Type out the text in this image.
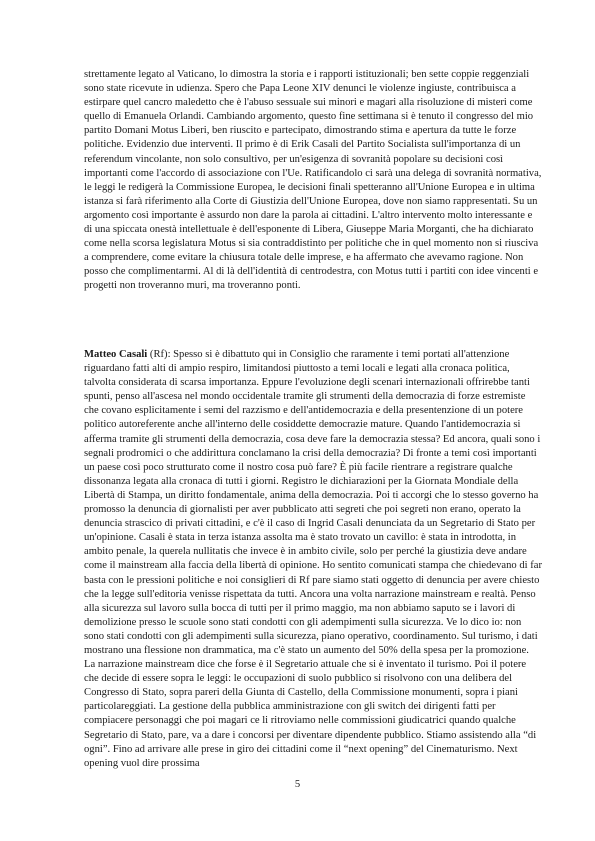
strettamente legato al Vaticano, lo dimostra la storia e i rapporti istituzionali; ben sette coppie reggenziali sono state ricevute in udienza. Spero che Papa Leone XIV denunci le violenze ingiuste, contribuisca a estirpare quel cancro maledetto che è l'abuso sessuale sui minori e magari alla risoluzione di misteri come quello di Emanuela Orlandi. Cambiando argomento, questo fine settimana si è tenuto il congresso del mio partito Domani Motus Liberi, ben riuscito e partecipato, dimostrando stima e apertura da tutte le forze politiche. Evidenzio due interventi. Il primo è di Erik Casali del Partito Socialista sull'importanza di un referendum vincolante, non solo consultivo, per un'esigenza di sovranità popolare su decisioni così importanti come l'accordo di associazione con l'Ue. Ratificandolo ci sarà una delega di sovranità normativa, le leggi le redigerà la Commissione Europea, le decisioni finali spetteranno all'Unione Europea e in ultima istanza si farà riferimento alla Corte di Giustizia dell'Unione Europea, dove non siamo rappresentati. Su un argomento così importante è assurdo non dare la parola ai cittadini. L'altro intervento molto interessante e di una spiccata onestà intellettuale è dell'esponente di Libera, Giuseppe Maria Morganti, che ha dichiarato come nella scorsa legislatura Motus si sia contraddistinto per politiche che in quel momento non si riusciva a comprendere, come evitare la chiusura totale delle imprese, e ha affermato che avevamo ragione. Non posso che complimentarmi. Al di là dell'identità di centrodestra, con Motus tutti i partiti con idee vincenti e progetti non troveranno muri, ma troveranno ponti.

Matteo Casali (Rf): Spesso si è dibattuto qui in Consiglio che raramente i temi portati all'attenzione riguardano fatti alti di ampio respiro, limitandosi piuttosto a temi locali e legati alla cronaca politica, talvolta considerata di scarsa importanza. Eppure l'evoluzione degli scenari internazionali offrirebbe tanti spunti, penso all'ascesa nel mondo occidentale tramite gli strumenti della democrazia di forze estremiste che covano esplicitamente i semi del razzismo e dell'antidemocrazia e della presentenzione di un potere politico autoreferente anche all'interno delle cosiddette democrazie mature. Quando l'antidemocrazia si afferma tramite gli strumenti della democrazia, cosa deve fare la democrazia stessa? Ed ancora, quali sono i segnali prodromici o che addirittura conclamano la crisi della democrazia? Di fronte a temi così importanti un paese così poco strutturato come il nostro cosa può fare? È più facile rientrare a registrare qualche dissonanza legata alla cronaca di tutti i giorni. Registro le dichiarazioni per la Giornata Mondiale della Libertà di Stampa, un diritto fondamentale, anima della democrazia. Poi ti accorgi che lo stesso governo ha promosso la denuncia di giornalisti per aver pubblicato atti segreti che poi segreti non erano, operato la denuncia strascico di privati cittadini, e c'è il caso di Ingrid Casali denunciata da un Segretario di Stato per un'opinione. Casali è stata in terza istanza assolta ma è stato trovato un cavillo: è stata in introdotta, in ambito penale, la querela nullitatis che invece è in ambito civile, solo per perché la giustizia deve andare come il mainstream alla faccia della libertà di opinione. Ho sentito comunicati stampa che chiedevano di far basta con le pressioni politiche e noi consiglieri di Rf pare siamo stati oggetto di denuncia per avere chiesto che la legge sull'editoria venisse rispettata da tutti. Ancora una volta narrazione mainstream e realtà. Penso alla sicurezza sul lavoro sulla bocca di tutti per il primo maggio, ma non abbiamo saputo se i lavori di demolizione presso le scuole sono stati condotti con gli adempimenti sulla sicurezza. Ve lo dico io: non sono stati condotti con gli adempimenti sulla sicurezza, piano operativo, coordinamento. Sul turismo, i dati mostrano una flessione non drammatica, ma c'è stato un aumento del 50% della spesa per la promozione. La narrazione mainstream dice che forse è il Segretario attuale che si è inventato il turismo. Poi il potere che decide di essere sopra le leggi: le occupazioni di suolo pubblico si risolvono con una delibera del Congresso di Stato, sopra pareri della Giunta di Castello, della Commissione monumenti, sopra i piani particolareggiati. La gestione della pubblica amministrazione con gli switch dei dirigenti fatti per compiacere personaggi che poi magari ce li ritroviamo nelle commissioni giudicatrici quando qualche Segretario di Stato, pare, va a dare i concorsi per diventare dipendente pubblico. Stiamo assistendo alla “di ogni”. Fino ad arrivare alle prese in giro dei cittadini come il “next opening” del Cinematurismo. Next opening vuol dire prossima

5
